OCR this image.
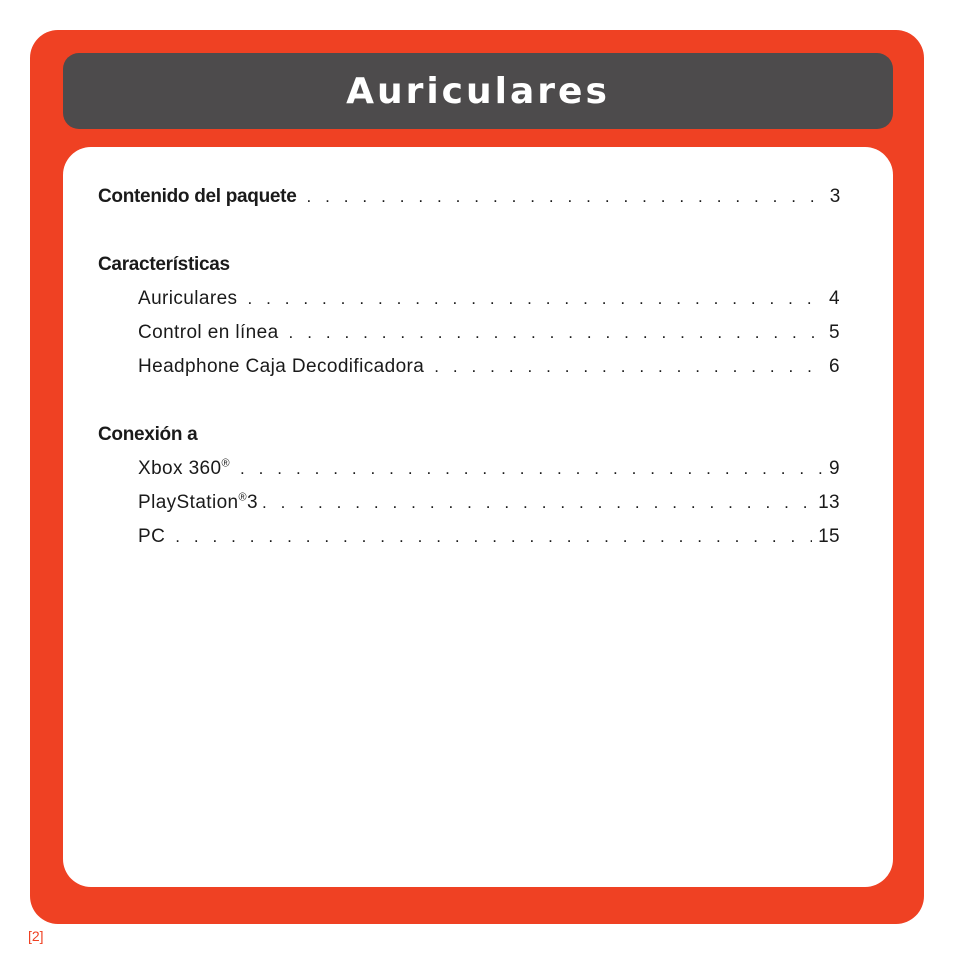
Auriculares
Contenido del paquete . . .	3
Características
Auriculares . . .	4
Control en línea . . .	5
Headphone Caja Decodificadora . . .	6
Conexión a
Xbox 360® . . .	9
PlayStation®3 . . .	13
PC . . .	15
[2]
